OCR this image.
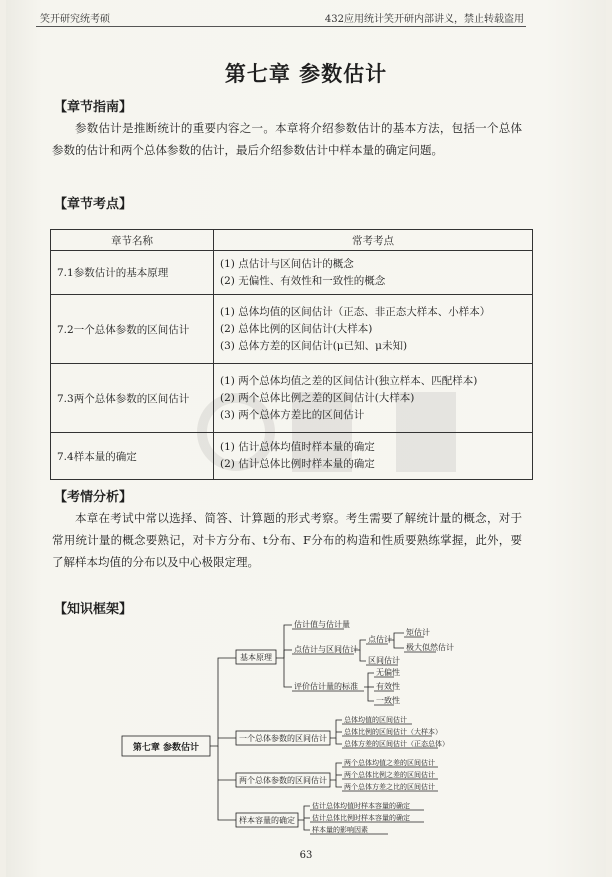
笑开研究统考硕	432应用统计笑开研内部讲义，禁止转载盗用
第七章 参数估计
【章节指南】
参数估计是推断统计的重要内容之一。本章将介绍参数估计的基本方法，包括一个总体参数的估计和两个总体参数的估计，最后介绍参数估计中样本量的确定问题。
【章节考点】
章节名称	常考考点
7.1参数估计的基本原理	(1) 点估计与区间估计的概念
(2) 无偏性、有效性和一致性的概念

7.2一个总体参数的区间估计	(1) 总体均值的区间估计（正态、非正态大样本、小样本）
(2) 总体比例的区间估计(大样本)
(3) 总体方差的区间估计(μ已知、μ未知)

7.3两个总体参数的区间估计	(1) 两个总体均值之差的区间估计(独立样本、匹配样本)
(2) 两个总体比例之差的区间估计(大样本)
(3) 两个总体方差比的区间估计

7.4样本量的确定	(1) 估计总体均值时样本量的确定
(2) 估计总体比例时样本量的确定
【考情分析】
本章在考试中常以选择、简答、计算题的形式考察。考生需要了解统计量的概念，对于常用统计量的概念要熟记，对卡方分布、t分布、F分布的构造和性质要熟练掌握，此外，要了解样本均值的分布以及中心极限定理。
【知识框架】
第七章 参数估计
基本原理
估计值与估计量
点估计与区间估计
评价估计量的标准
点估计
区间估计
矩估计
极大似然估计
无偏性
有效性
一致性
一个总体参数的区间估计
总体均值的区间估计
总体比例的区间估计（大样本）
总体方差的区间估计（正态总体）
两个总体参数的区间估计
两个总体均值之差的区间估计
两个总体比例之差的区间估计
两个总体方差之比的区间估计
样本容量的确定
估计总体均值时样本容量的确定
估计总体比例时样本容量的确定
样本量的影响因素
63
